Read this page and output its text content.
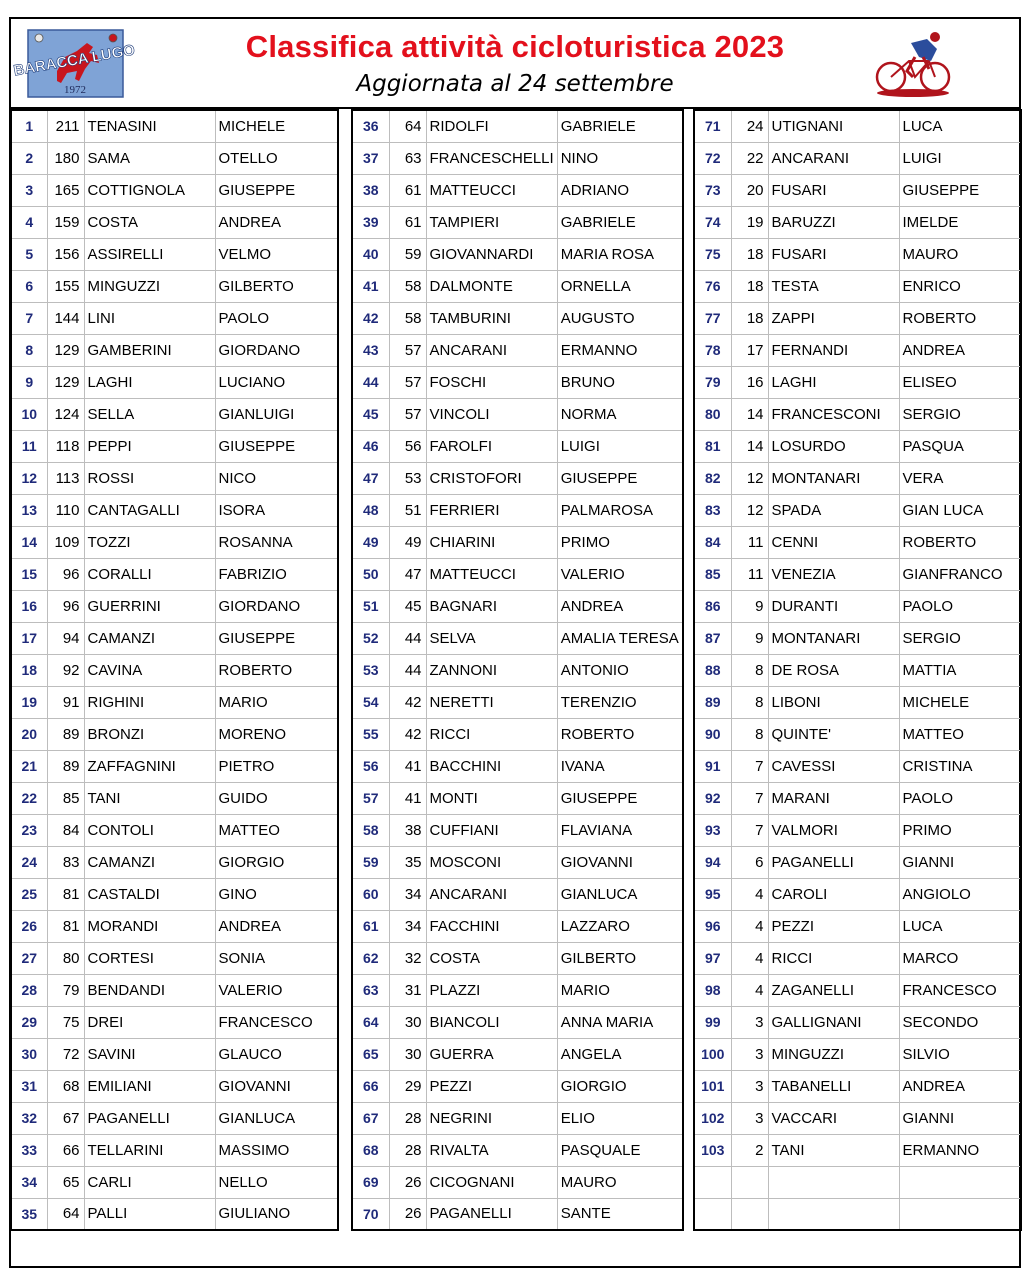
BARACCA LUGO
1972
Classifica attività cicloturistica 2023
Aggiornata al 24 settembre
1	211	TENASINI	MICHELE
2	180	SAMA	OTELLO
3	165	COTTIGNOLA	GIUSEPPE
4	159	COSTA	ANDREA
5	156	ASSIRELLI	VELMO
6	155	MINGUZZI	GILBERTO
7	144	LINI	PAOLO
8	129	GAMBERINI	GIORDANO
9	129	LAGHI	LUCIANO
10	124	SELLA	GIANLUIGI
11	118	PEPPI	GIUSEPPE
12	113	ROSSI	NICO
13	110	CANTAGALLI	ISORA
14	109	TOZZI	ROSANNA
15	96	CORALLI	FABRIZIO
16	96	GUERRINI	GIORDANO
17	94	CAMANZI	GIUSEPPE
18	92	CAVINA	ROBERTO
19	91	RIGHINI	MARIO
20	89	BRONZI	MORENO
21	89	ZAFFAGNINI	PIETRO
22	85	TANI	GUIDO
23	84	CONTOLI	MATTEO
24	83	CAMANZI	GIORGIO
25	81	CASTALDI	GINO
26	81	MORANDI	ANDREA
27	80	CORTESI	SONIA
28	79	BENDANDI	VALERIO
29	75	DREI	FRANCESCO
30	72	SAVINI	GLAUCO
31	68	EMILIANI	GIOVANNI
32	67	PAGANELLI	GIANLUCA
33	66	TELLARINI	MASSIMO
34	65	CARLI	NELLO
35	64	PALLI	GIULIANO
36	64	RIDOLFI	GABRIELE
37	63	FRANCESCHELLI	NINO
38	61	MATTEUCCI	ADRIANO
39	61	TAMPIERI	GABRIELE
40	59	GIOVANNARDI	MARIA ROSA
41	58	DALMONTE	ORNELLA
42	58	TAMBURINI	AUGUSTO
43	57	ANCARANI	ERMANNO
44	57	FOSCHI	BRUNO
45	57	VINCOLI	NORMA
46	56	FAROLFI	LUIGI
47	53	CRISTOFORI	GIUSEPPE
48	51	FERRIERI	PALMAROSA
49	49	CHIARINI	PRIMO
50	47	MATTEUCCI	VALERIO
51	45	BAGNARI	ANDREA
52	44	SELVA	AMALIA TERESA
53	44	ZANNONI	ANTONIO
54	42	NERETTI	TERENZIO
55	42	RICCI	ROBERTO
56	41	BACCHINI	IVANA
57	41	MONTI	GIUSEPPE
58	38	CUFFIANI	FLAVIANA
59	35	MOSCONI	GIOVANNI
60	34	ANCARANI	GIANLUCA
61	34	FACCHINI	LAZZARO
62	32	COSTA	GILBERTO
63	31	PLAZZI	MARIO
64	30	BIANCOLI	ANNA MARIA
65	30	GUERRA	ANGELA
66	29	PEZZI	GIORGIO
67	28	NEGRINI	ELIO
68	28	RIVALTA	PASQUALE
69	26	CICOGNANI	MAURO
70	26	PAGANELLI	SANTE
71	24	UTIGNANI	LUCA
72	22	ANCARANI	LUIGI
73	20	FUSARI	GIUSEPPE
74	19	BARUZZI	IMELDE
75	18	FUSARI	MAURO
76	18	TESTA	ENRICO
77	18	ZAPPI	ROBERTO
78	17	FERNANDI	ANDREA
79	16	LAGHI	ELISEO
80	14	FRANCESCONI	SERGIO
81	14	LOSURDO	PASQUA
82	12	MONTANARI	VERA
83	12	SPADA	GIAN LUCA
84	11	CENNI	ROBERTO
85	11	VENEZIA	GIANFRANCO
86	9	DURANTI	PAOLO
87	9	MONTANARI	SERGIO
88	8	DE ROSA	MATTIA
89	8	LIBONI	MICHELE
90	8	QUINTE'	MATTEO
91	7	CAVESSI	CRISTINA
92	7	MARANI	PAOLO
93	7	VALMORI	PRIMO
94	6	PAGANELLI	GIANNI
95	4	CAROLI	ANGIOLO
96	4	PEZZI	LUCA
97	4	RICCI	MARCO
98	4	ZAGANELLI	FRANCESCO
99	3	GALLIGNANI	SECONDO
100	3	MINGUZZI	SILVIO
101	3	TABANELLI	ANDREA
102	3	VACCARI	GIANNI
103	2	TANI	ERMANNO
